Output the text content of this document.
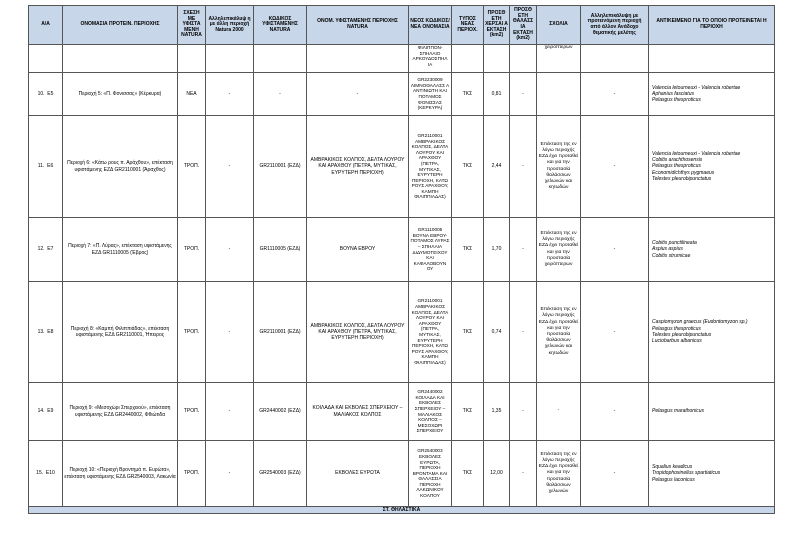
Α/Α	ΟΝΟΜΑΣΙΑ ΠΡΟΤΕΙΝ. ΠΕΡΙΟΧΗΣ	ΣΧΕΣΗ ΜΕ ΥΦΙΣΤΑ ΜΕΝΗ NATURA	Αλληλεπικάλυψ η με άλλη περιοχή Natura 2000	ΚΩΔΙΚΟΣ ΥΦΙΣΤΑΜΕΝΗΣ NATURA	ΟΝΟΜ. ΥΦΙΣΤΑΜΕΝΗΣ ΠΕΡΙΟΧΗΣ NATURA	ΝΕΟΣ ΚΩΔΙΚΟΣ/ ΝΕΑ ΟΝΟΜΑΣΙΑ	ΤΥΠΟΣ ΝΕΑΣ ΠΕΡΙΟΧ.	ΠΡΟΣΘ ΕΤΗ ΧΕΡΣΑΙ Α ΕΚΤΑΣΗ (km2)	ΠΡΟΣΘ ΕΤΗ ΘΑΛΑΣΣ ΙΑ ΕΚΤΑΣΗ (km2)	ΣΧΟΛΙΑ	Αλληλεπικάλυψη με προτεινόμενη περιοχή από άλλον Ανάδοχο θεματικής μελέτης	ΑΝΤΙΚΕΙΜΕΝΟ ΓΙΑ ΤΟ ΟΠΟΙΟ ΠΡΟΤΕΙΝΕΤΑΙ Η ΠΕΡΙΟΧΗ
						ΦΙΛΙΠΠΟΝ-ΣΠΗΛΑΙΟ ΑΡΚΟΥΔΟΣΠΗΛ ΙΑ				χειρόπτερων		
10. E5	Περιοχή 5: «Π. Φονισσας» (Κέρκυρα)	ΝΕΑ	-	-	-	GR2230009 ΛΙΜΝΟΘΑΛΑΣΣ Α ΑΝΤΙΝΙΩΤΗ ΚΑΙ ΠΟΤΑΜΟΣ ΦΟΝΙΣΣΑΣ (ΚΕΡΚΥΡΑ)	ΤΚΣ	0,81	-		-	Valencia letourneuxi - Valencia robertae
Aphanius fasciatus
Pelasgus thesproticus

11. E6	Περιοχή 6: «Κάτω ρους π. Αράχθου», επέκταση υφιστάμενης ΕΖΔ GR2110001 (Άραχθος)	ΤΡΟΠ.	-	GR2110001 (ΕΖΔ)	ΑΜΒΡΑΚΙΚΟΣ ΚΟΛΠΟΣ, ΔΕΛΤΑ ΛΟΥΡΟΥ ΚΑΙ ΑΡΑΧΘΟΥ (ΠΕΤΡΑ, ΜΥΤΙΚΑΣ, ΕΥΡΥΤΕΡΗ ΠΕΡΙΟΧΗ)	GR2110001 ΑΜΒΡΑΚΙΚΟΣ ΚΟΛΠΟΣ, ΔΕΛΤΑ ΛΟΥΡΟΥ ΚΑΙ ΑΡΑΧΘΟΥ (ΠΕΤΡΑ, ΜΥΤΙΚΑΣ, ΕΥΡΥΤΕΡΗ ΠΕΡΙΟΧΗ, ΚΑΤΩ ΡΟΥΣ ΑΡΑΧΘΟΥ, ΚΑΜΠΗ ΦΙΛΙΠΠΙΑΔΑΣ)	ΤΚΣ	2,44	-	Επέκταση της εν λόγω περιοχής ΕΖΔ έχει προταθεί και για την προστασία θαλάσσιων χελωνών και κητωδών	-	Valencia letourneuxi - Valencia robertae
Cobitis arachthosensis
Pelasgus thesproticus
Economidichthys pygmaeus
Telestes pleurobipunctatus

12. E7	Περιοχή 7: «Π. Λύρας», επέκταση υφιστάμενης ΕΖΔ GR1110005 (Έβρος)	ΤΡΟΠ.	-	GR1110005 (ΕΖΔ)	ΒΟΥΝΑ ΕΒΡΟΥ	GR1110005 ΒΟΥΝΑ ΕΒΡΟΥ-ΠΟΤΑΜΟΣ ΛΥΡΑΣ – ΣΠΗΛΑΙΑ ΔΙΔΥΜΟΤΕΙΧΟΥ ΚΑΙ ΚΑΦΑΛΟΒΟΥΝ ΟΥ	ΤΚΣ	1,70	-	Επέκταση της εν λόγω περιοχής ΕΖΔ έχει προταθεί και για την προστασία χειρόπτερων	-	Cobitis punctilineata
Aspius aspius
Cobitis strumicae

13. E8	Περιοχή 8: «Καμπή Φιλιππιάδας», επέκταση υφιστάμενης ΕΖΔ GR2110001, Ήπειρος	ΤΡΟΠ.	-	GR2110001 (ΕΖΔ)	ΑΜΒΡΑΚΙΚΟΣ ΚΟΛΠΟΣ, ΔΕΛΤΑ ΛΟΥΡΟΥ ΚΑΙ ΑΡΑΧΘΟΥ (ΠΕΤΡΑ, ΜΥΤΙΚΑΣ, ΕΥΡΥΤΕΡΗ ΠΕΡΙΟΧΗ)	GR2110001 ΑΜΒΡΑΚΙΚΟΣ ΚΟΛΠΟΣ, ΔΕΛΤΑ ΛΟΥΡΟΥ ΚΑΙ ΑΡΑΧΘΟΥ (ΠΕΤΡΑ, ΜΥΤΙΚΑΣ, ΕΥΡΥΤΕΡΗ ΠΕΡΙΟΧΗ, ΚΑΤΩ ΡΟΥΣ ΑΡΑΧΘΟΥ, ΚΑΜΠΗ ΦΙΛΙΠΠΙΑΔΑΣ)	ΤΚΣ	0,74	-	Επέκταση της εν λόγω περιοχής ΕΖΔ έχει προταθεί και για την προστασία θαλάσσιων χελωνών και κητωδών	-	Caspiomyzon graecus (Eudontomyzon sp.)
Pelasgus thesproticus
Telestes pleurobipunctatus
Luciobarbus albanicus

14. E9	Περιοχή 9: «Μεσοχώρι Σπερχειού», επέκταση υφιστάμενης ΕΖΔ GR2440002, Φθιώτιδα	ΤΡΟΠ.	-	GR2440002 (ΕΖΔ)	ΚΟΙΛΑΔΑ ΚΑΙ ΕΚΒΟΛΕΣ ΣΠΕΡΧΕΙΟΥ – ΜΑΛΙΑΚΟΣ ΚΟΛΠΟΣ	GR2440002 ΚΟΙΛΑΔΑ ΚΑΙ ΕΚΒΟΛΕΣ ΣΠΕΡΧΕΙΟΥ – ΜΑΛΙΑΚΟΣ ΚΟΛΠΟΣ – ΜΕΣΟΧΩΡΙ ΣΠΕΡΧΕΙΟΥ	ΤΚΣ	1,35	-	-	-	Pelasgus marathonicus

15. E10	Περιοχή 10: «Περιοχή Βροντημά π. Ευρώτα», επέκταση υφιστάμενης ΕΖΔ GR2540003, Λακωνία	ΤΡΟΠ.	-	GR2540003 (ΕΖΔ)	ΕΚΒΟΛΕΣ ΕΥΡΩΤΑ	GR2540003 ΕΚΒΟΛΕΣ ΕΥΡΩΤΑ, ΠΕΡΙΟΧΗ ΒΡΟΝΤΑΜΑ ΚΑΙ ΘΑΛΑΣΣΙΑ ΠΕΡΙΟΧΗ ΛΑΚΩΝΙΚΟΥ ΚΟΛΠΟΥ	ΤΚΣ	12,00	-	Επέκταση της εν λόγω περιοχής ΕΖΔ έχει προταθεί και για την προστασία θαλάσσιων χελωνών	-	Squalius keadicus
Tropidophoxinellus spartiaticus
Pelasgus laconicus

ΣΤ. ΘΗΛΑΣΤΙΚΑ												
